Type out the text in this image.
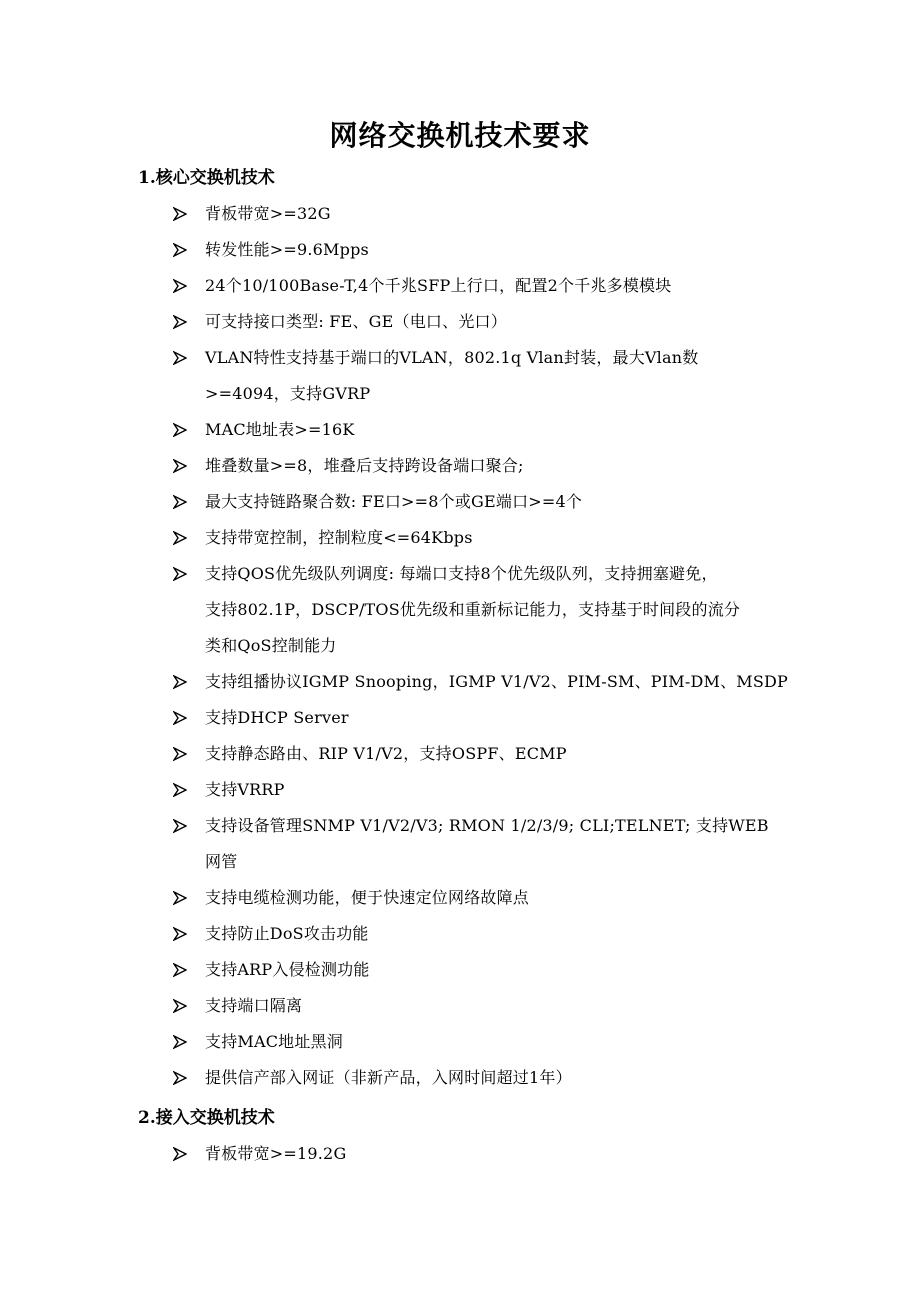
网络交换机技术要求
1.核心交换机技术
背板带宽>=32G
转发性能>=9.6Mpps
24个10/100Base-T,4个千兆SFP上行口，配置2个千兆多模模块
可支持接口类型: FE、GE（电口、光口）
VLAN特性支持基于端口的VLAN，802.1q Vlan封装，最大Vlan数
>=4094，支持GVRP
MAC地址表>=16K
堆叠数量>=8，堆叠后支持跨设备端口聚合;
最大支持链路聚合数: FE口>=8个或GE端口>=4个
支持带宽控制，控制粒度<=64Kbps
支持QOS优先级队列调度: 每端口支持8个优先级队列，支持拥塞避免，
支持802.1P，DSCP/TOS优先级和重新标记能力，支持基于时间段的流分
类和QoS控制能力
支持组播协议IGMP Snooping，IGMP V1/V2、PIM-SM、PIM-DM、MSDP
支持DHCP Server
支持静态路由、RIP V1/V2，支持OSPF、ECMP
支持VRRP
支持设备管理SNMP V1/V2/V3; RMON 1/2/3/9; CLI;TELNET; 支持WEB
网管
支持电缆检测功能，便于快速定位网络故障点
支持防止DoS攻击功能
支持ARP入侵检测功能
支持端口隔离
支持MAC地址黑洞
提供信产部入网证（非新产品，入网时间超过1年）
2.接入交换机技术
背板带宽>=19.2G
